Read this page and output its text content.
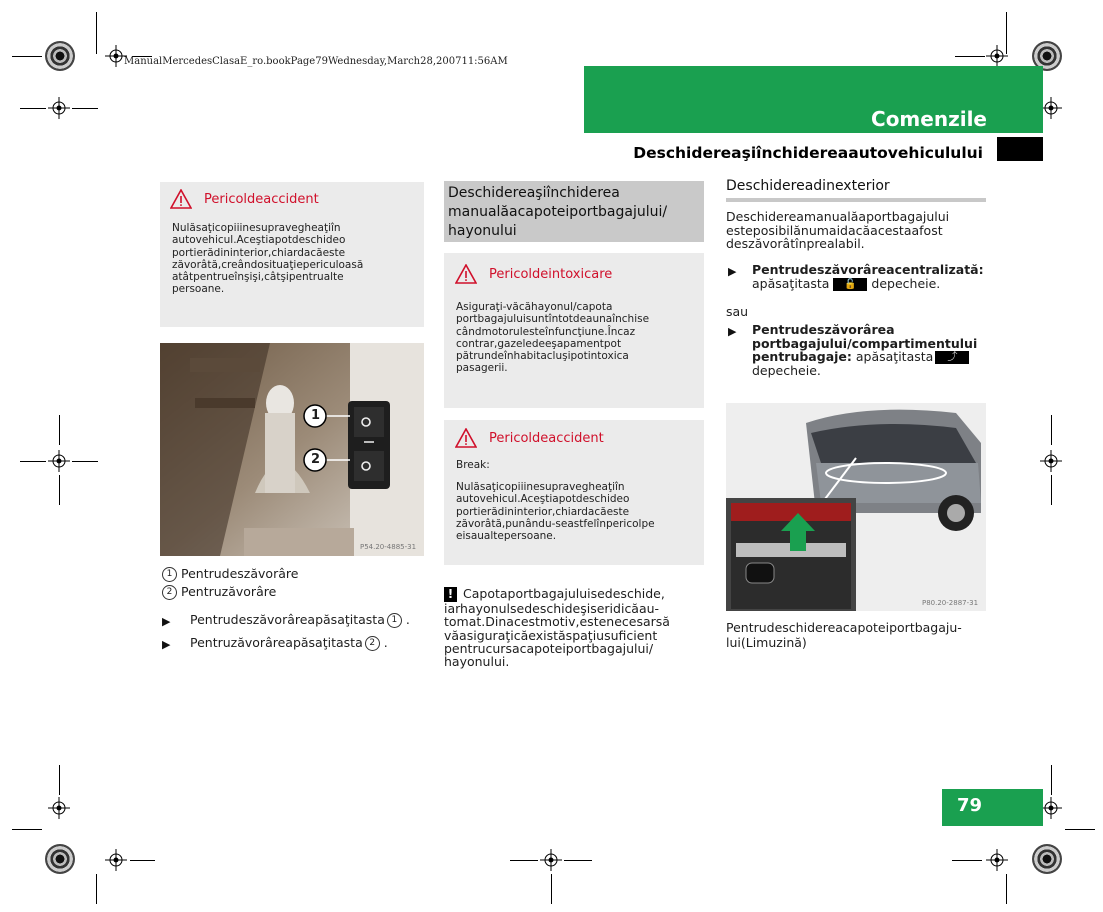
ManualMercedesClasaE_ro.bookPage79Wednesday,March28,200711:56AM
Comenzile
Deschidereaşiînchidereaautovehiculului
Pericoldeaccident
Nulăsaţicopiiinesupravegheaţiîn
autovehicul.Aceştiapotdeschideo
portierădininterior,chiardacăeste
zăvorâtă,creândosituaţiepericuloasă
atâtpentrueînşişi,câtşipentrualte
persoane.
1
2
P54.20-4885-31
1 Pentrudeszăvorâre
2 Pentruzăvorâre
▶ Pentrudeszăvorâreapăsaţitasta 1 .
▶ Pentruzăvorâreapăsaţitasta 2 .
Deschidereaşiînchiderea
manualăacapoteiportbagajului/
hayonului
Pericoldeintoxicare
Asiguraţi-văcăhayonul/capota
portbagajuluisuntîntotdeaunaînchise
cândmotorulesteînfuncţiune.Încaz
contrar,gazeledeeşapamentpot
pătrundeînhabitacluşipotintoxica
pasagerii.
Pericoldeaccident
Break:
Nulăsaţicopiiinesupravegheaţiîn
autovehicul.Aceştiapotdeschideo
portierădininterior,chiardacăeste
zăvorâtă,punându-seastfelînpericolpe
eisaualtepersoane.
! Capotaportbagajuluisedeschide,
iarhayonulsedeschideşiseridicăau-
tomat.Dinacestmotiv,estenecesarsă
văasiguraţicăexistăspaţiusuficient
pentrucursacapoteiportbagajului/
hayonului.
Deschidereadinexterior
Deschidereamanualăaportbagajului
esteposibilănumaidacăacestaafost
deszăvorâtînprealabil.
▶ Pentrudeszăvorâreacentralizată:
apăsaţitasta 🔓 depecheie.
sau
▶ Pentrudeszăvorârea
portbagajului/compartimentului
pentrubagaje: apăsaţitasta ⤴
depecheie.
P80.20-2887-31
Pentrudeschidereacapoteiportbagaju-
lui(Limuzină)
79
